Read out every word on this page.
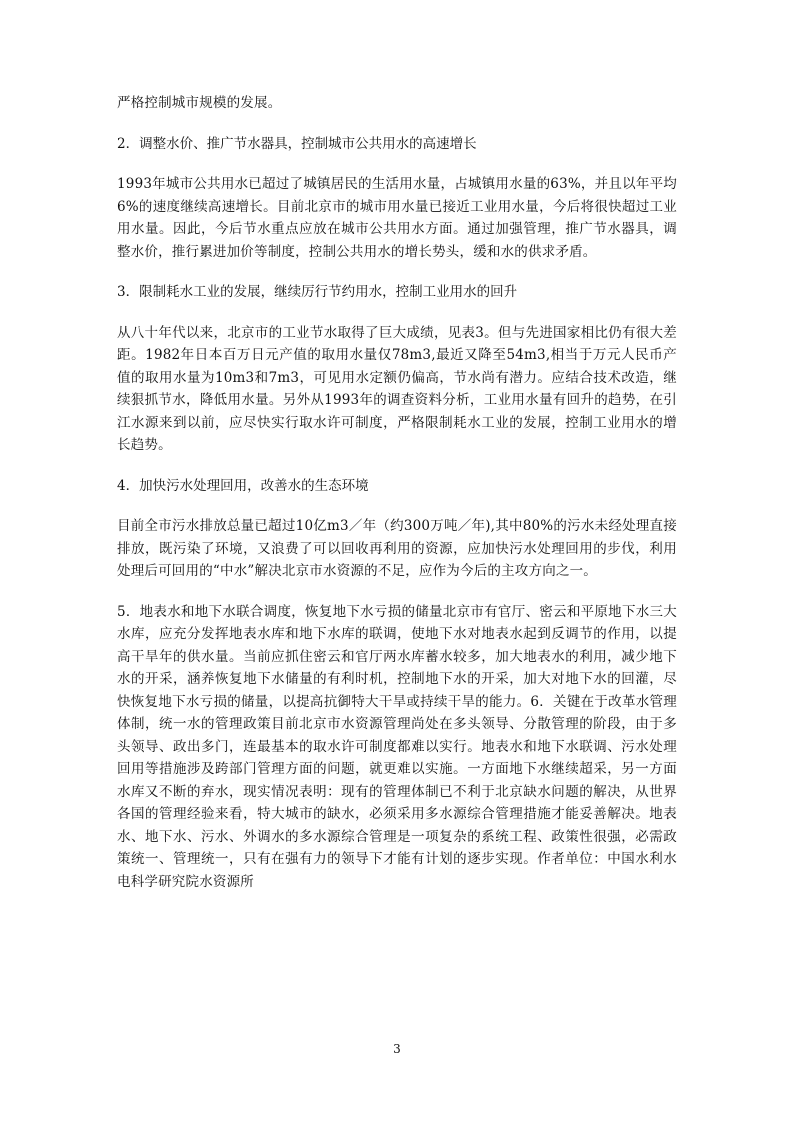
严格控制城市规模的发展。

2．调整水价、推广节水器具，控制城市公共用水的高速增长

1993年城市公共用水已超过了城镇居民的生活用水量，占城镇用水量的63%，并且以年平均6%的速度继续高速增长。目前北京市的城市用水量已接近工业用水量，今后将很快超过工业用水量。因此，今后节水重点应放在城市公共用水方面。通过加强管理，推广节水器具，调整水价，推行累进加价等制度，控制公共用水的增长势头，缓和水的供求矛盾。

3．限制耗水工业的发展，继续厉行节约用水，控制工业用水的回升

从八十年代以来，北京市的工业节水取得了巨大成绩，见表3。但与先进国家相比仍有很大差距。1982年日本百万日元产值的取用水量仅78m3,最近又降至54m3,相当于万元人民币产值的取用水量为10m3和7m3，可见用水定额仍偏高，节水尚有潜力。应结合技术改造，继续狠抓节水，降低用水量。另外从1993年的调查资料分析，工业用水量有回升的趋势，在引江水源来到以前，应尽快实行取水许可制度，严格限制耗水工业的发展，控制工业用水的增长趋势。

4．加快污水处理回用，改善水的生态环境

目前全市污水排放总量已超过10亿m3／年（约300万吨／年),其中80%的污水未经处理直接排放，既污染了环境，又浪费了可以回收再利用的资源，应加快污水处理回用的步伐，利用处理后可回用的“中水”解决北京市水资源的不足，应作为今后的主攻方向之一。

5．地表水和地下水联合调度，恢复地下水亏损的储量北京市有官厅、密云和平原地下水三大水库，应充分发挥地表水库和地下水库的联调，使地下水对地表水起到反调节的作用，以提高干旱年的供水量。当前应抓住密云和官厅两水库蓄水较多，加大地表水的利用，减少地下水的开采，涵养恢复地下水储量的有利时机，控制地下水的开采，加大对地下水的回灌，尽快恢复地下水亏损的储量，以提高抗御特大干旱或持续干旱的能力。6．关键在于改革水管理体制，统一水的管理政策目前北京市水资源管理尚处在多头领导、分散管理的阶段，由于多头领导、政出多门，连最基本的取水许可制度都难以实行。地表水和地下水联调、污水处理回用等措施涉及跨部门管理方面的问题，就更难以实施。一方面地下水继续超采，另一方面水库又不断的弃水，现实情况表明：现有的管理体制已不利于北京缺水问题的解决，从世界各国的管理经验来看，特大城市的缺水，必须采用多水源综合管理措施才能妥善解决。地表水、地下水、污水、外调水的多水源综合管理是一项复杂的系统工程、政策性很强，必需政策统一、管理统一，只有在强有力的领导下才能有计划的逐步实现。作者单位：中国水利水电科学研究院水资源所

3
